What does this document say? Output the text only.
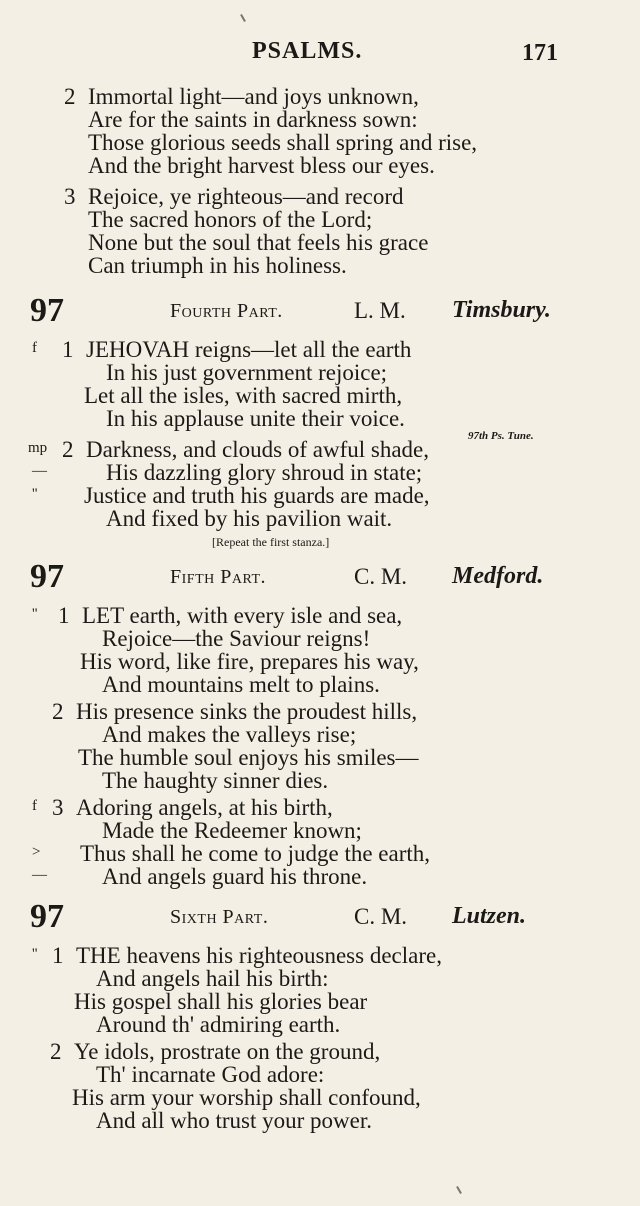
PSALMS.	171
2 Immortal light—and joys unknown,
Are for the saints in darkness sown:
Those glorious seeds shall spring and rise,
And the bright harvest bless our eyes.
3 Rejoice, ye righteous—and record
The sacred honors of the Lord;
None but the soul that feels his grace
Can triumph in his holiness.
97	Fourth Part.	L. M. Timsbury.
f 1 JEHOVAH reigns—let all the earth
In his just government rejoice;
Let all the isles, with sacred mirth,
In his applause unite their voice.
97th Ps. Tune.
mp 2 Darkness, and clouds of awful shade,
—	His dazzling glory shroud in state;
'' Justice and truth his guards are made,
And fixed by his pavilion wait.
[Repeat the first stanza.]
97	Fifth Part.	C. M. Medford.
'' 1 LET earth, with every isle and sea,
Rejoice—the Saviour reigns!
His word, like fire, prepares his way,
And mountains melt to plains.
2 His presence sinks the proudest hills,
And makes the valleys rise;
The humble soul enjoys his smiles—
The haughty sinner dies.
f 3 Adoring angels, at his birth,
Made the Redeemer known;
> Thus shall he come to judge the earth,
— And angels guard his throne.
97	Sixth Part.	C. M. Lutzen.
'' 1 THE heavens his righteousness declare,
And angels hail his birth:
His gospel shall his glories bear
Around th' admiring earth.
2 Ye idols, prostrate on the ground,
Th' incarnate God adore:
His arm your worship shall confound,
And all who trust your power.
